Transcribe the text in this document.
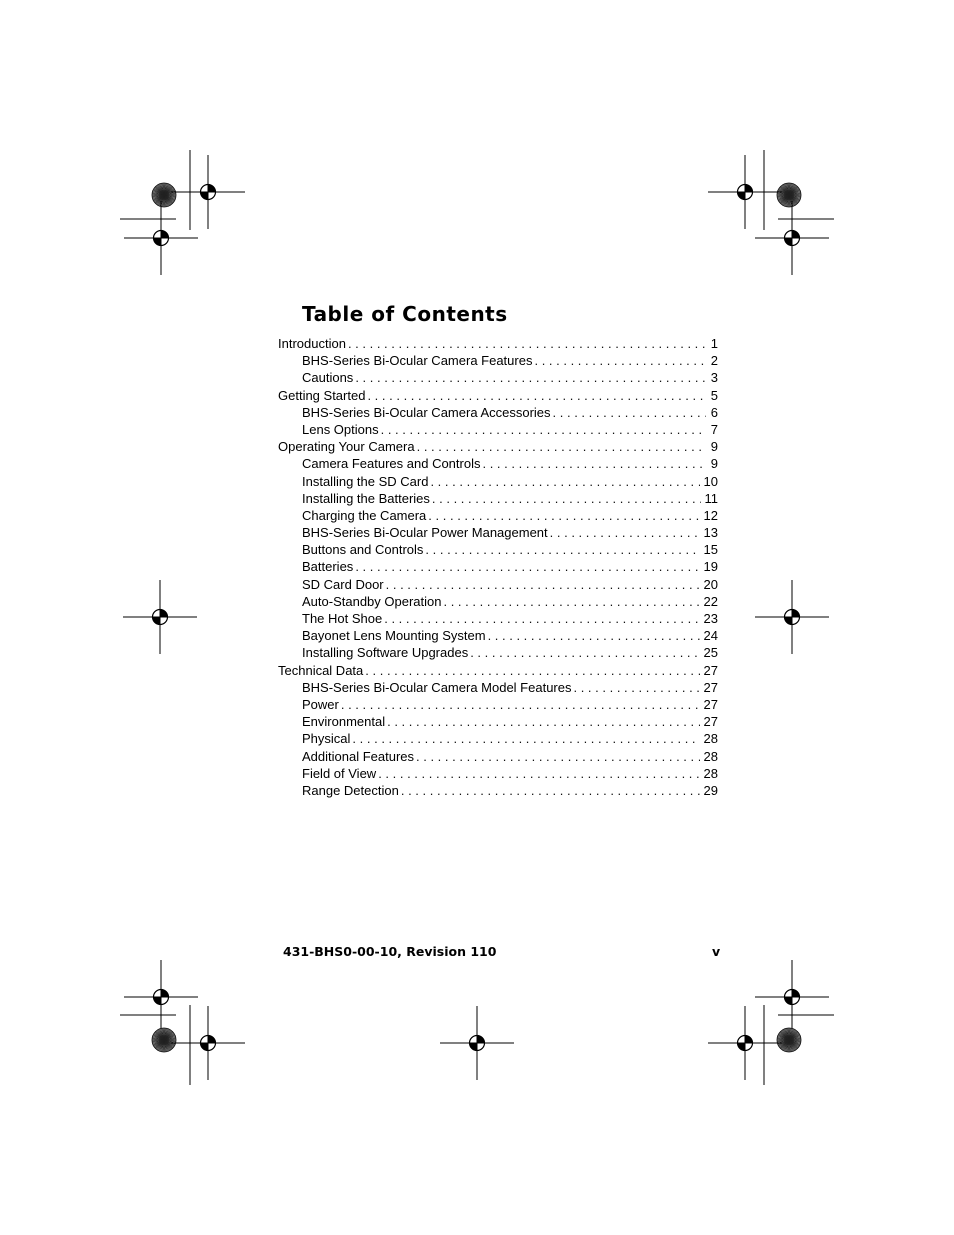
Table of Contents
Introduction . . .	1
BHS-Series Bi-Ocular Camera Features . . .	2
Cautions . . .	3
Getting Started . . .	5
BHS-Series Bi-Ocular Camera Accessories . . .	6
Lens Options . . .	7
Operating Your Camera . . .	9
Camera Features and Controls . . .	9
Installing the SD Card . . .	10
Installing the Batteries . . .	11
Charging the Camera . . .	12
BHS-Series Bi-Ocular Power Management . . .	13
Buttons and Controls . . .	15
Batteries . . .	19
SD Card Door . . .	20
Auto-Standby Operation . . .	22
The Hot Shoe . . .	23
Bayonet Lens Mounting System . . .	24
Installing Software Upgrades . . .	25
Technical Data . . .	27
BHS-Series Bi-Ocular Camera Model Features . . .	27
Power . . .	27
Environmental . . .	27
Physical . . .	28
Additional Features . . .	28
Field of View . . .	28
Range Detection . . .	29
431-BHS0-00-10, Revision 110	v
